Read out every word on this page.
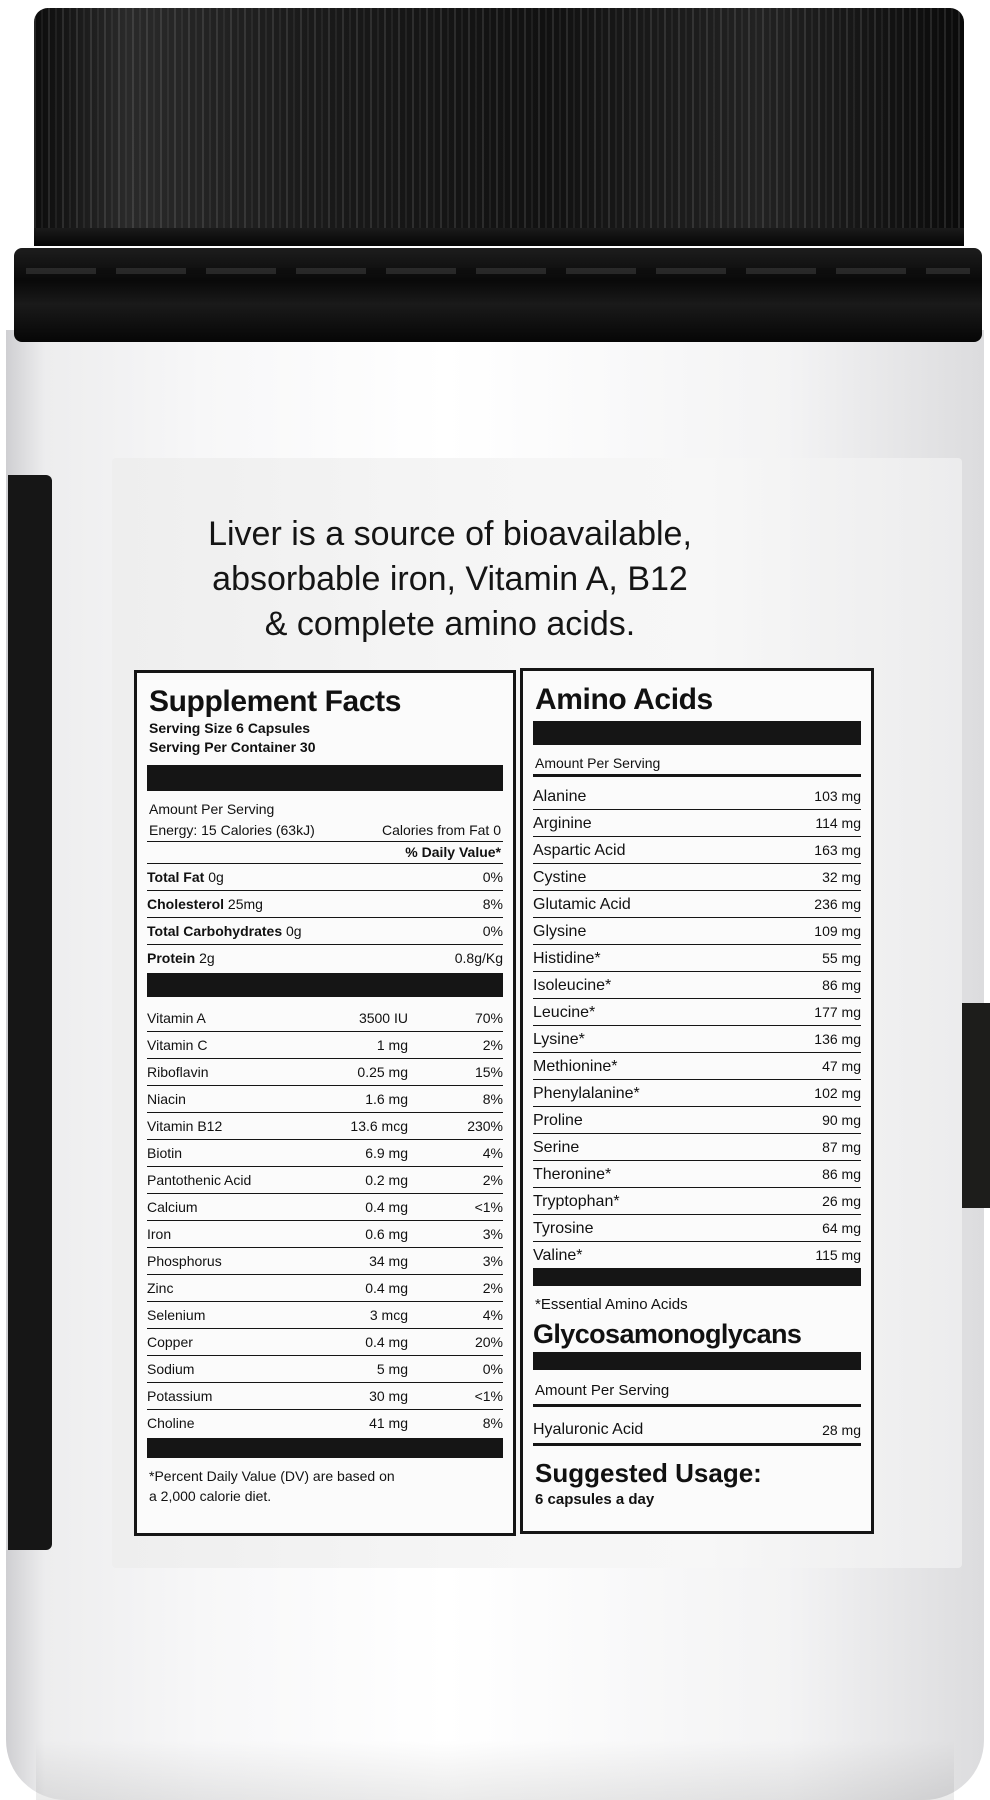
Liver is a source of bioavailable,
absorbable iron, Vitamin A, B12
& complete amino acids.
Supplement Facts
Serving Size 6 Capsules
Serving Per Container 30
Amount Per Serving
Energy: 15 Calories (63kJ)	Calories from Fat 0
% Daily Value*
Total Fat 0g	0%
Cholesterol 25mg	8%
Total Carbohydrates 0g	0%
Protein 2g	0.8g/Kg
Vitamin A	3500 IU	70%
Vitamin C	1 mg	2%
Riboflavin	0.25 mg	15%
Niacin	1.6 mg	8%
Vitamin B12	13.6 mcg	230%
Biotin	6.9 mg	4%
Pantothenic Acid	0.2 mg	2%
Calcium	0.4 mg	<1%
Iron	0.6 mg	3%
Phosphorus	34 mg	3%
Zinc	0.4 mg	2%
Selenium	3 mcg	4%
Copper	0.4 mg	20%
Sodium	5 mg	0%
Potassium	30 mg	<1%
Choline	41 mg	8%
*Percent Daily Value (DV) are based on
a 2,000 calorie diet.
Amino Acids
Amount Per Serving
Alanine	103 mg
Arginine	114 mg
Aspartic Acid	163 mg
Cystine	32 mg
Glutamic Acid	236 mg
Glysine	109 mg
Histidine*	55 mg
Isoleucine*	86 mg
Leucine*	177 mg
Lysine*	136 mg
Methionine*	47 mg
Phenylalanine*	102 mg
Proline	90 mg
Serine	87 mg
Theronine*	86 mg
Tryptophan*	26 mg
Tyrosine	64 mg
Valine*	115 mg
*Essential Amino Acids
Glycosamonoglycans
Amount Per Serving
Hyaluronic Acid	28 mg
Suggested Usage:
6 capsules a day
